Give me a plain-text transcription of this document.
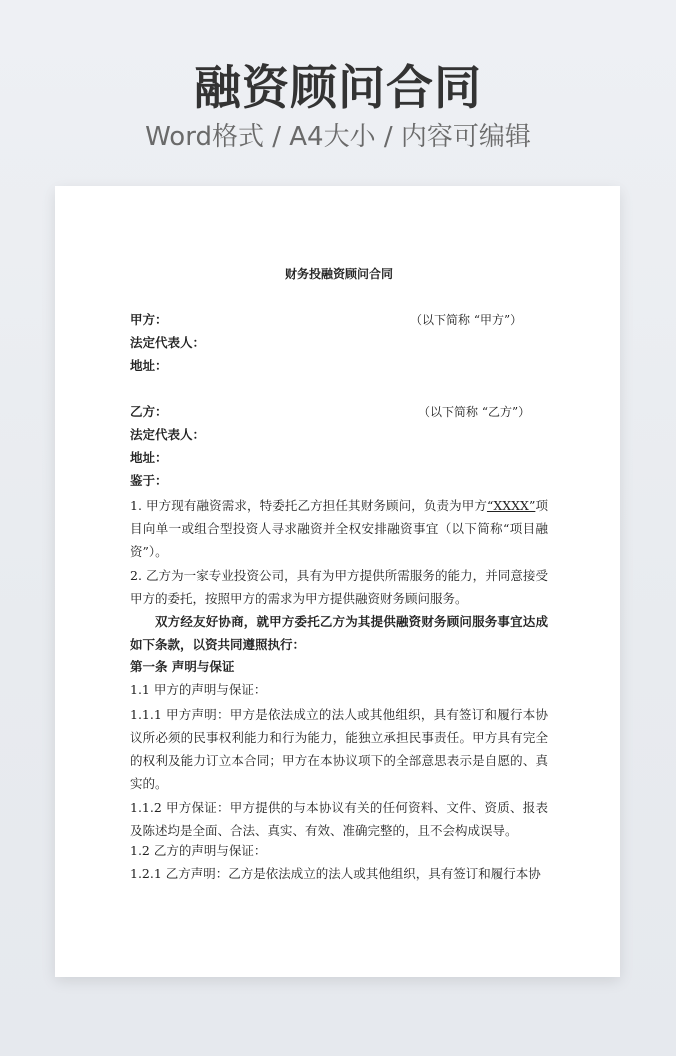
融资顾问合同
Word格式 / A4大小 / 内容可编辑
财务投融资顾问合同
甲方：	（以下简称 “甲方”）
法定代表人：
地址：
乙方：	（以下简称 “乙方”）
法定代表人：
地址：
鉴于：
1. 甲方现有融资需求，特委托乙方担任其财务顾问，负责为甲方“XXXX”项目向单一或组合型投资人寻求融资并全权安排融资事宜（以下简称“项目融资”）。
2. 乙方为一家专业投资公司，具有为甲方提供所需服务的能力，并同意接受甲方的委托，按照甲方的需求为甲方提供融资财务顾问服务。
双方经友好协商，就甲方委托乙方为其提供融资财务顾问服务事宜达成如下条款，以资共同遵照执行：
第一条 声明与保证
1.1 甲方的声明与保证：
1.1.1 甲方声明：甲方是依法成立的法人或其他组织，具有签订和履行本协议所必须的民事权利能力和行为能力，能独立承担民事责任。甲方具有完全的权利及能力订立本合同；甲方在本协议项下的全部意思表示是自愿的、真实的。
1.1.2 甲方保证：甲方提供的与本协议有关的任何资料、文件、资质、报表及陈述均是全面、合法、真实、有效、准确完整的，且不会构成误导。
1.2 乙方的声明与保证：
1.2.1 乙方声明：乙方是依法成立的法人或其他组织，具有签订和履行本协
